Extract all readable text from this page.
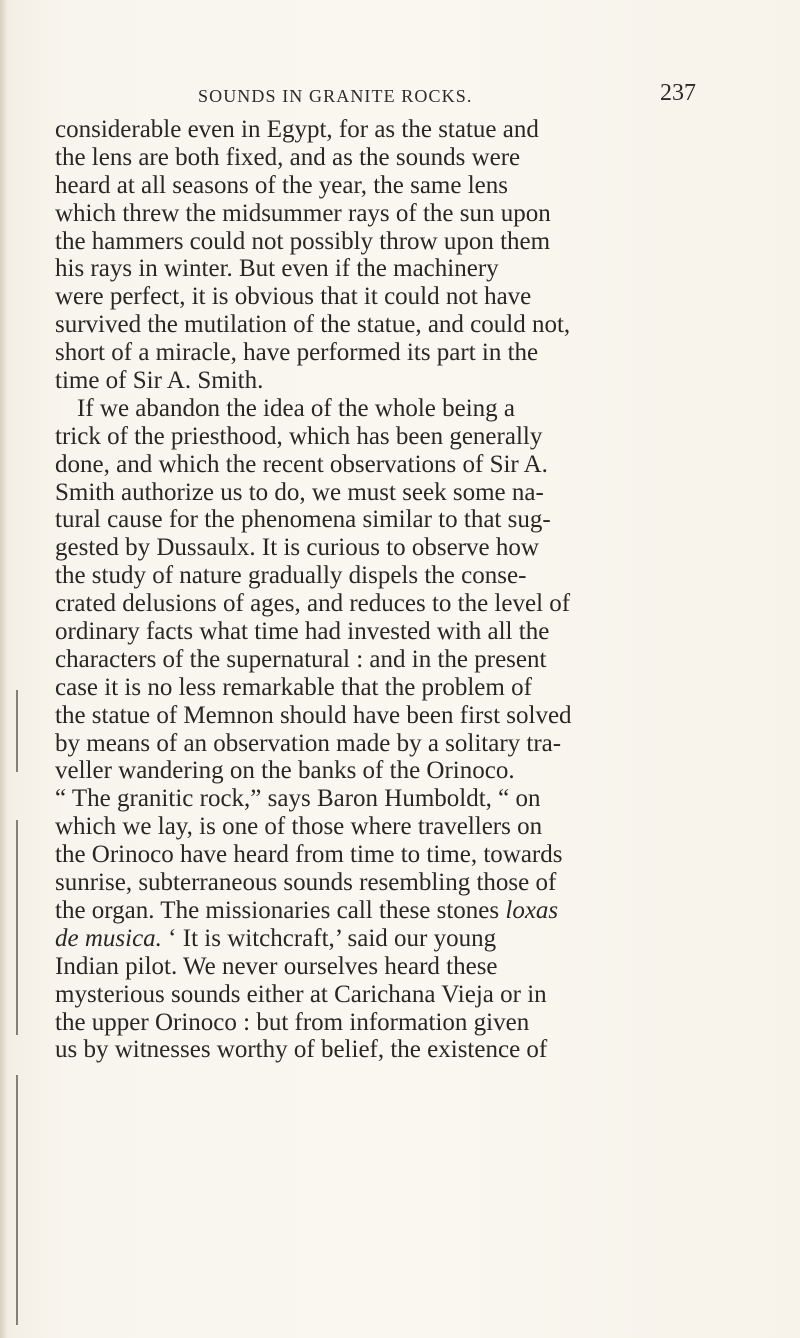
SOUNDS IN GRANITE ROCKS.	237
considerable even in Egypt, for as the statue and
the lens are both fixed, and as the sounds were
heard at all seasons of the year, the same lens
which threw the midsummer rays of the sun upon
the hammers could not possibly throw upon them
his rays in winter. But even if the machinery
were perfect, it is obvious that it could not have
survived the mutilation of the statue, and could not,
short of a miracle, have performed its part in the
time of Sir A. Smith.
If we abandon the idea of the whole being a
trick of the priesthood, which has been generally
done, and which the recent observations of Sir A.
Smith authorize us to do, we must seek some na-
tural cause for the phenomena similar to that sug-
gested by Dussaulx. It is curious to observe how
the study of nature gradually dispels the conse-
crated delusions of ages, and reduces to the level of
ordinary facts what time had invested with all the
characters of the supernatural : and in the present
case it is no less remarkable that the problem of
the statue of Memnon should have been first solved
by means of an observation made by a solitary tra-
veller wandering on the banks of the Orinoco.
“ The granitic rock,” says Baron Humboldt, “ on
which we lay, is one of those where travellers on
the Orinoco have heard from time to time, towards
sunrise, subterraneous sounds resembling those of
the organ. The missionaries call these stones loxas
de musica. ‘ It is witchcraft,’ said our young
Indian pilot. We never ourselves heard these
mysterious sounds either at Carichana Vieja or in
the upper Orinoco : but from information given
us by witnesses worthy of belief, the existence of
